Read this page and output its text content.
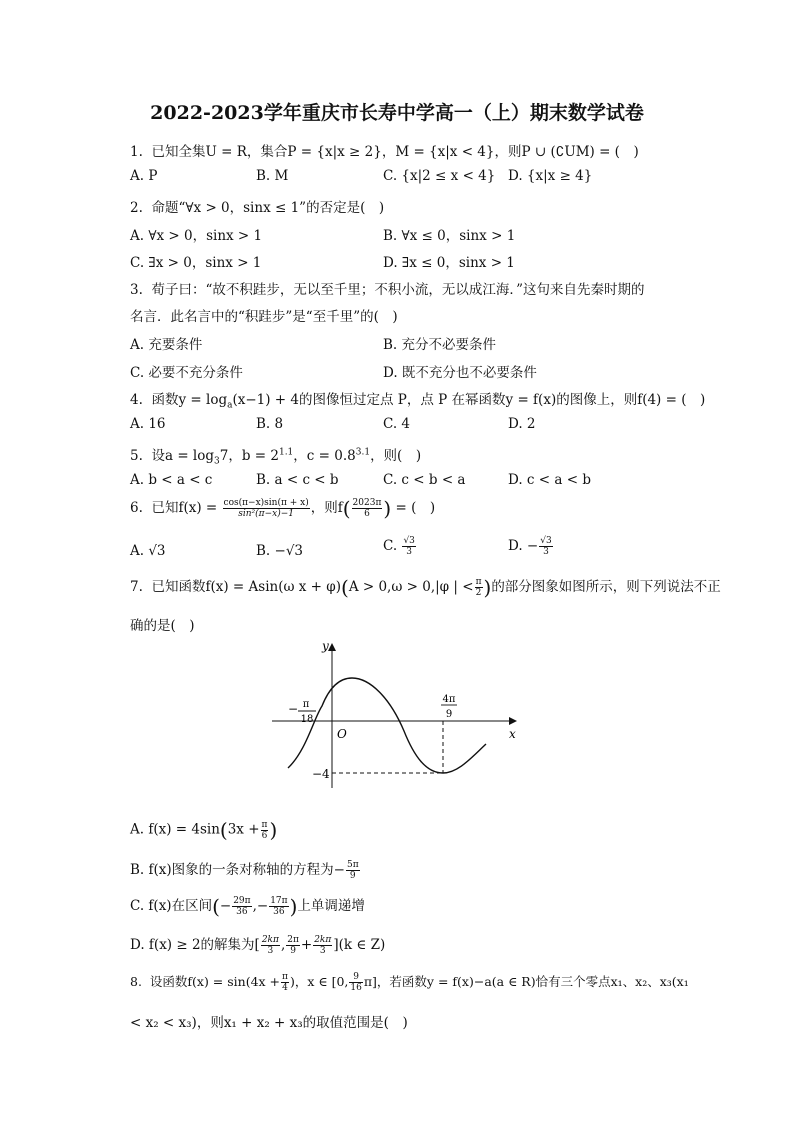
2022-2023学年重庆市长寿中学高一（上）期末数学试卷
1. 已知全集U = R，集合P = {x|x ≥ 2}，M = {x|x < 4}，则P ∪ (∁UM) = (　)
A. P	B. M	C. {x|2 ≤ x < 4} D. {x|x ≥ 4}
2. 命题“∀x > 0，sinx ≤ 1”的否定是(　)
A. ∀x > 0，sinx > 1	B. ∀x ≤ 0，sinx > 1
C. ∃x > 0，sinx > 1	D. ∃x ≤ 0，sinx > 1
3. 荀子曰：“故不积跬步，无以至千里；不积小流，无以成江海．”这句来自先秦时期的
名言．此名言中的“积跬步”是“至千里”的(　)
A. 充要条件	B. 充分不必要条件
C. 必要不充分条件	D. 既不充分也不必要条件
4. 函数$y = \log_a(x-1) + 4$的图像恒过定点 P，点 P 在幂函数y = f(x)的图像上，则f(4) = (　)
A. 16	B. 8	C. 4	D. 2
5. 设$a = \log_37$，$b = 2^{1.1}$，$c = 0.8^{3.1}$，则(　)
A. b < a < c	B. a < c < b	C. c < b < a	D. c < a < b
6. 已知$f(x) = \frac{\cos(\pi-x)\sin(\pi + x)}{\text{sin²(π−x)−1}}$ ，则$f( \frac{2023\pi}{6}$ ) = (　)
A. √3	B. −√3	C. $\frac{√3}{3}$	D. − $\frac{√3}{3}$
7. 已知函数f(x) = Asin(ω x + φ)(A > 0,ω > 0,|φ | < $\frac{\pi}{2}$ )的部分图象如图所示，则下列说法不正
确的是(　)
y
x
O
− π
18
4π
9
−4
A. $f(x) = 4\sin(3x + \frac{\pi}{6}$ )
B. f(x)图象的一条对称轴的方程为− $\frac{5\pi}{9}$
C. f(x)在区间(− $\frac{29\pi}{36}$ ,− $\frac{17\pi}{36}$ )上单调递增
D. f(x) ≥ 2的解集为[ $\frac{2k\pi}{3}$ , $\frac{2\pi}{9} + \frac{2k\pi}{3} ](k$ ∈ Z)
8. 设函数$f(x) = \sin(4x + \frac{\pi}{4}$ )，x ∈ [0, $\frac{9}{16} \pi$]，若函数y = f(x)−a(a ∈ R)恰有三个零点x₁、x₂、x₃(x₁
< x₂ < x₃)，则x₁ + x₂ + x₃的取值范围是(　)
